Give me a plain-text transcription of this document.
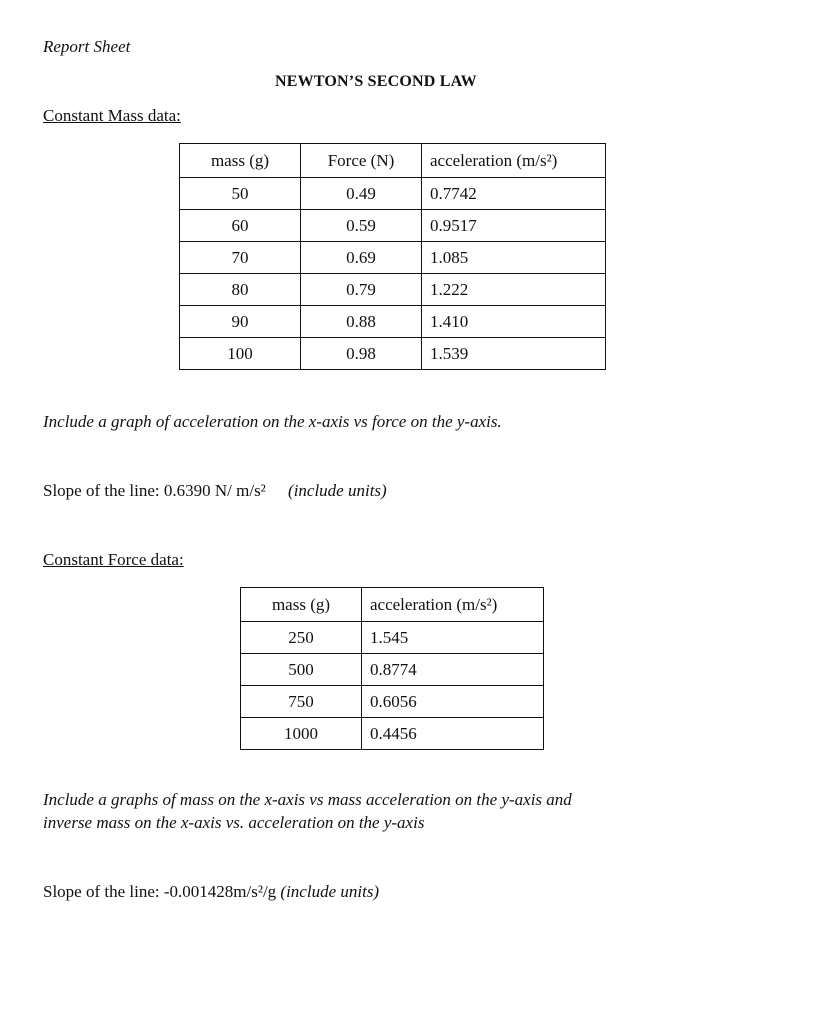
Report Sheet
NEWTON’S SECOND LAW
Constant Mass data:
mass (g)	Force (N)	acceleration (m/s²)
50	0.49	0.7742
60	0.59	0.9517
70	0.69	1.085
80	0.79	1.222
90	0.88	1.410
100	0.98	1.539
Include a graph of acceleration on the x-axis vs force on the y-axis.
Slope of the line: 0.6390 N/ m/s² (include units)
Constant Force data:
mass (g)	acceleration (m/s²)
250	1.545
500	0.8774
750	0.6056
1000	0.4456
Include a graphs of mass on the x-axis vs mass acceleration on the y-axis and
inverse mass on the x-axis vs. acceleration on the y-axis
Slope of the line: -0.001428m/s²/g (include units)
